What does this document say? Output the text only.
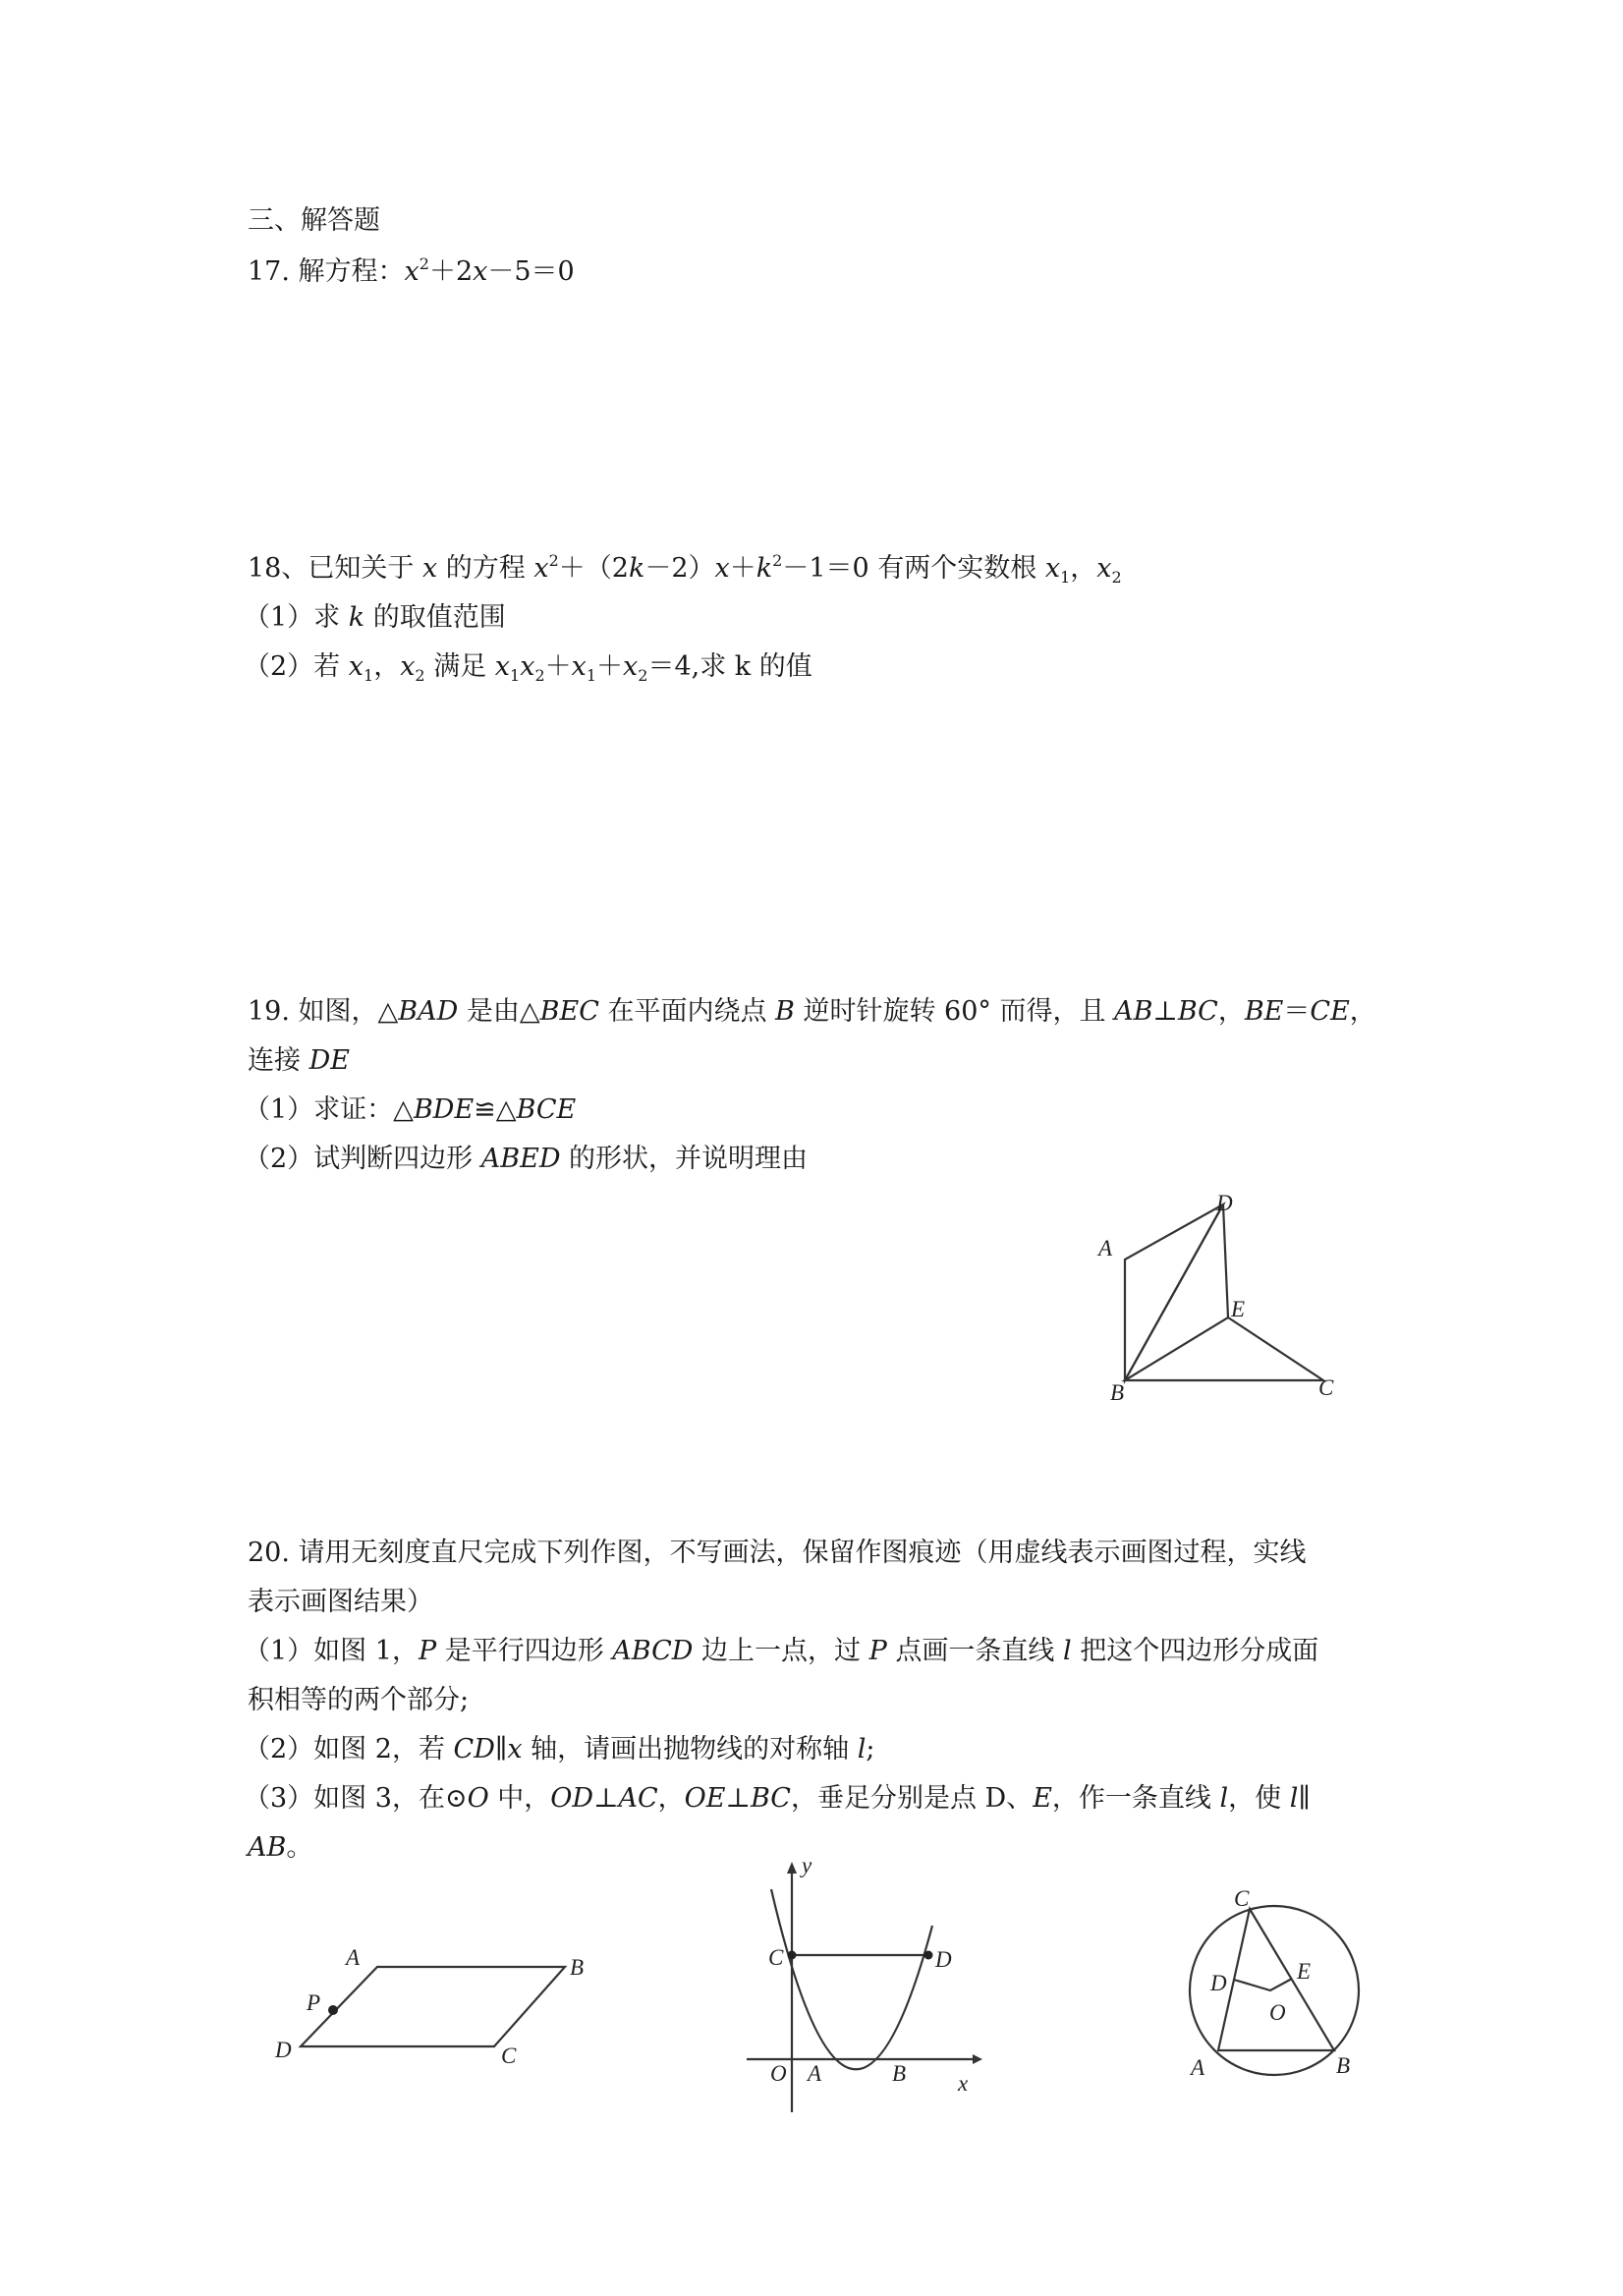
三、解答题
17. 解方程：$x^2+2x-5=0$
18、已知关于 x 的方程 $x^2+(2k-2)x+k^2-1=0$ 有两个实数根 $x_1$，$x_2$
（1）求 k 的取值范围
（2）若 $x_1$，$x_2$ 满足 $x_1x_2+x_1+x_2=4$,求 k 的值
19. 如图，△BAD 是由△BEC 在平面内绕点 B 逆时针旋转 60° 而得，且 AB⊥BC，BE＝CE，
连接 DE
（1）求证：△BDE≌△BCE
（2）试判断四边形 ABED 的形状，并说明理由
A
D
E
B	C
20. 请用无刻度直尺完成下列作图，不写画法，保留作图痕迹（用虚线表示画图过程，实线
表示画图结果）
（1）如图 1，P 是平行四边形 ABCD 边上一点，过 P 点画一条直线 l 把这个四边形分成面
积相等的两个部分;
（2）如图 2，若 CD∥x 轴，请画出抛物线的对称轴 l;
（3）如图 3，在⊙O 中，OD⊥AC，OE⊥BC，垂足分别是点 D、E，作一条直线 l，使 l∥
AB。
A	B
P
D	C
y
x
O A	B
C	D
C
D	E
O
A	B
